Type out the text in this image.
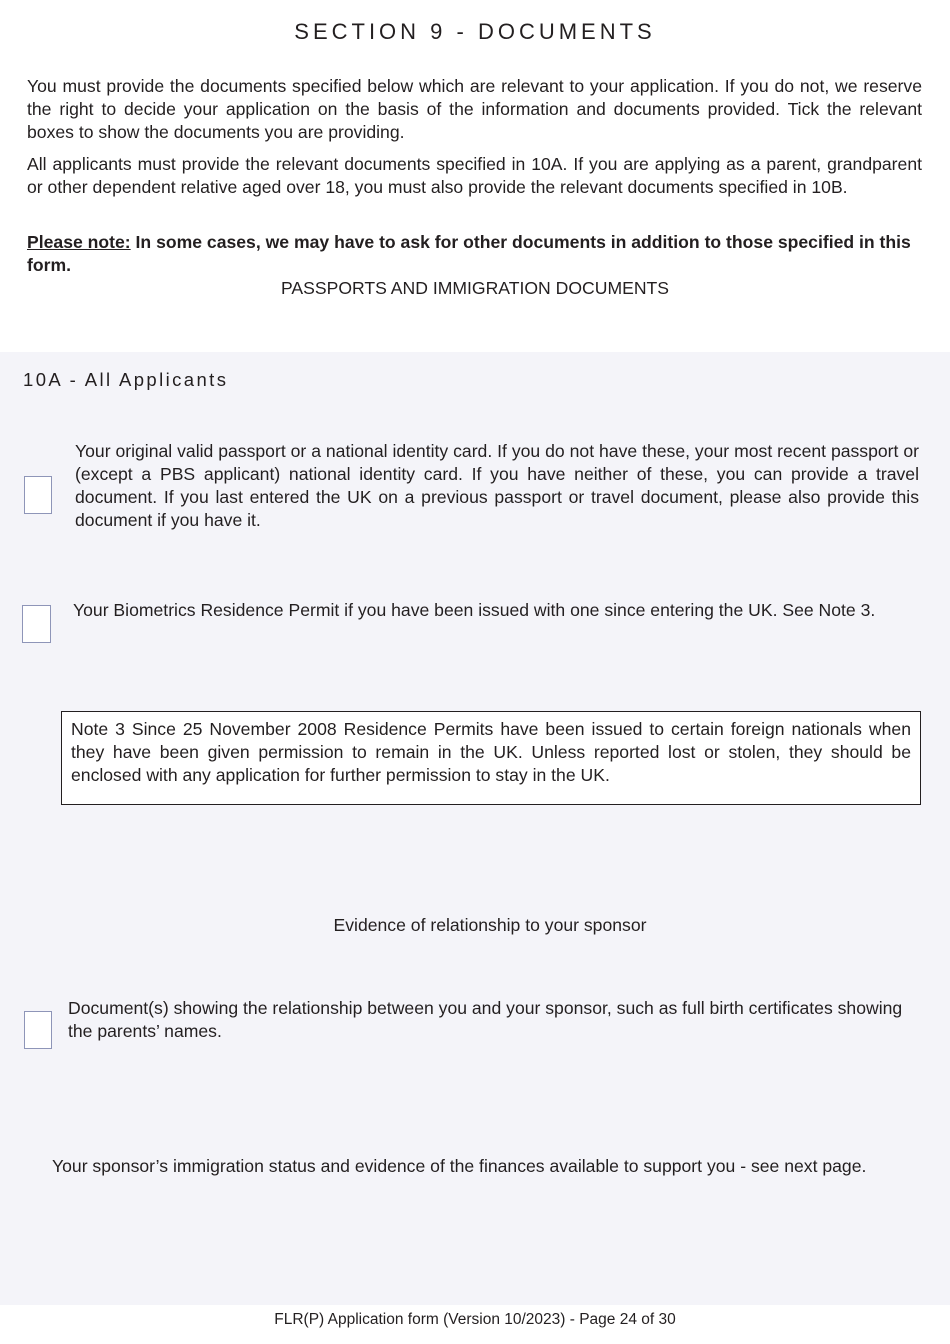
SECTION 9 - DOCUMENTS

You must provide the documents specified below which are relevant to your application. If you do not, we reserve the right to decide your application on the basis of the information and documents provided. Tick the relevant boxes to show the documents you are providing.

All applicants must provide the relevant documents specified in 10A. If you are applying as a parent, grandparent or other dependent relative aged over 18, you must also provide the relevant documents specified in 10B.

Please note: In some cases, we may have to ask for other documents in addition to those specified in this form.

PASSPORTS AND IMMIGRATION DOCUMENTS
10A - All Applicants

Your original valid passport or a national identity card. If you do not have these, your most recent passport or (except a PBS applicant) national identity card. If you have neither of these, you can provide a travel document. If you last entered the UK on a previous passport or travel document, please also provide this document if you have it.

Your Biometrics Residence Permit if you have been issued with one since entering the UK. See Note 3.

Note 3 Since 25 November 2008 Residence Permits have been issued to certain foreign nationals when they have been given permission to remain in the UK. Unless reported lost or stolen, they should be enclosed with any application for further permission to stay in the UK.

Evidence of relationship to your sponsor

Document(s) showing the relationship between you and your sponsor, such as full birth certificates showing the parents’ names.

Your sponsor’s immigration status and evidence of the finances available to support you - see next page.

FLR(P) Application form (Version 10/2023) - Page 24 of 30
